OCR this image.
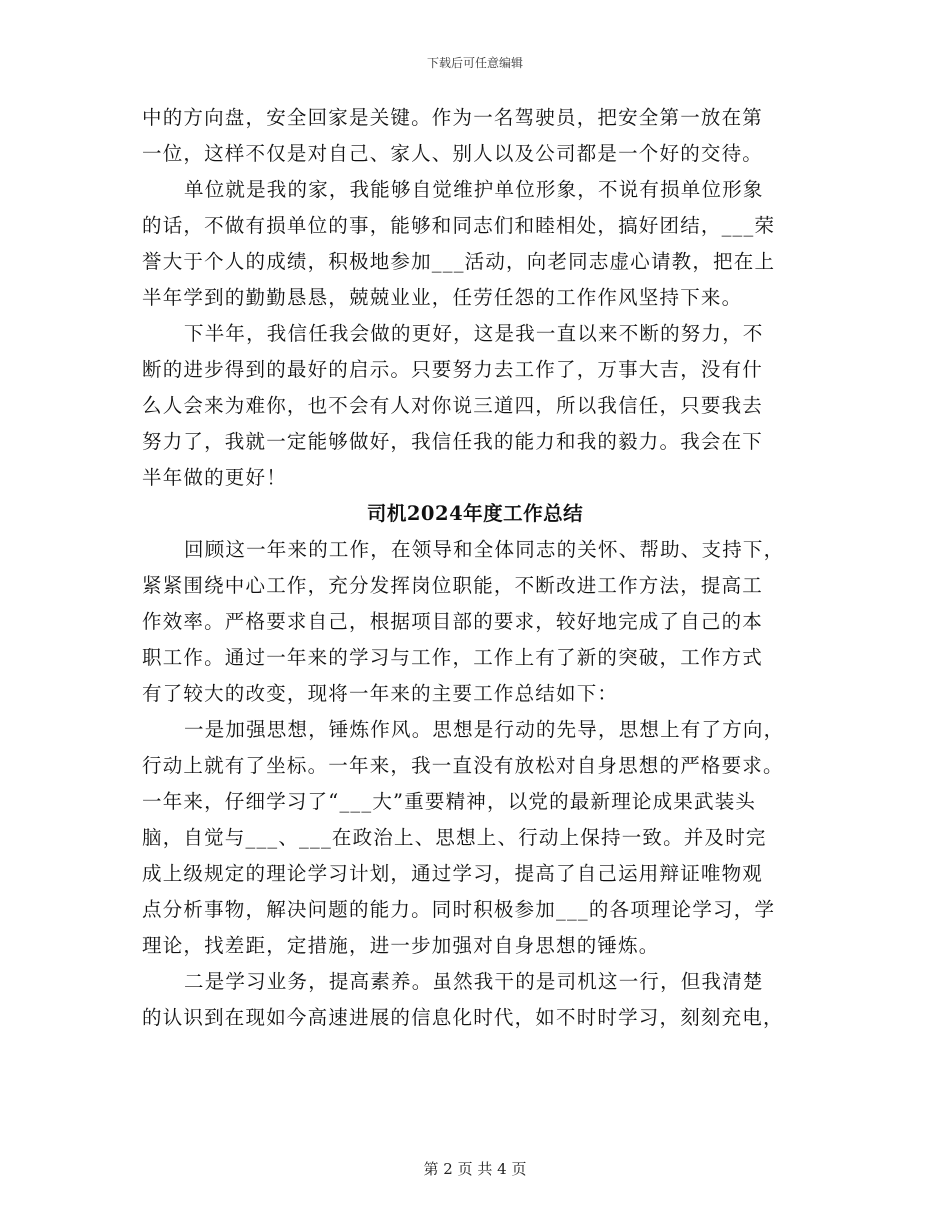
下载后可任意编辑
中的方向盘，安全回家是关键。作为一名驾驶员，把安全第一放在第
一位，这样不仅是对自己、家人、别人以及公司都是一个好的交待。
单位就是我的家，我能够自觉维护单位形象，不说有损单位形象
的话，不做有损单位的事，能够和同志们和睦相处，搞好团结，___荣
誉大于个人的成绩，积极地参加___活动，向老同志虚心请教，把在上
半年学到的勤勤恳恳，兢兢业业，任劳任怨的工作作风坚持下来。
下半年，我信任我会做的更好，这是我一直以来不断的努力，不
断的进步得到的最好的启示。只要努力去工作了，万事大吉，没有什
么人会来为难你，也不会有人对你说三道四，所以我信任，只要我去
努力了，我就一定能够做好，我信任我的能力和我的毅力。我会在下
半年做的更好！
司机2024年度工作总结
回顾这一年来的工作，在领导和全体同志的关怀、帮助、支持下，
紧紧围绕中心工作，充分发挥岗位职能，不断改进工作方法，提高工
作效率。严格要求自己，根据项目部的要求，较好地完成了自己的本
职工作。通过一年来的学习与工作，工作上有了新的突破，工作方式
有了较大的改变，现将一年来的主要工作总结如下：
一是加强思想，锤炼作风。思想是行动的先导，思想上有了方向，
行动上就有了坐标。一年来，我一直没有放松对自身思想的严格要求。
一年来，仔细学习了“___大”重要精神，以党的最新理论成果武装头
脑，自觉与___、___在政治上、思想上、行动上保持一致。并及时完
成上级规定的理论学习计划，通过学习，提高了自己运用辩证唯物观
点分析事物，解决问题的能力。同时积极参加___的各项理论学习，学
理论，找差距，定措施，进一步加强对自身思想的锤炼。
二是学习业务，提高素养。虽然我干的是司机这一行，但我清楚
的认识到在现如今高速进展的信息化时代，如不时时学习，刻刻充电，
第 2 页 共 4 页
